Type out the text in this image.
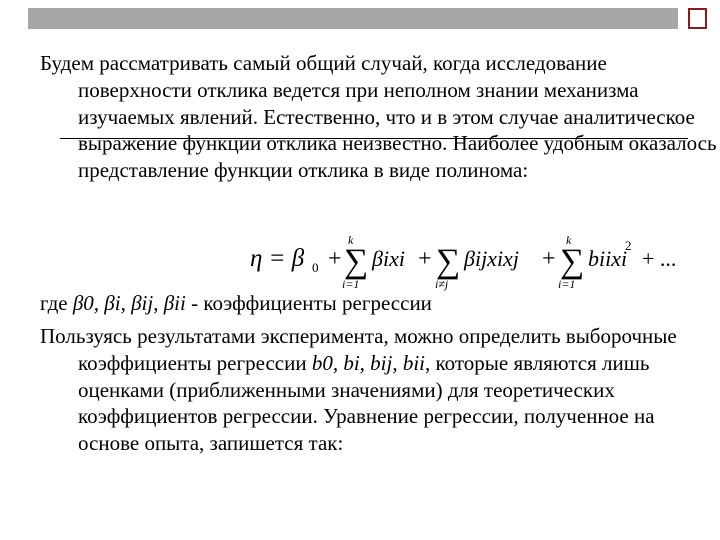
Будем рассматривать самый общий случай, когда исследование поверхности отклика ведется при неполном знании механизма изучаемых явлений. Естественно, что и в этом случае аналитическое выражение функции отклика неизвестно. Наиболее удобным оказалось представление функции отклика в виде полинома:

η = β 0 +
k
∑
i=1
βixi + ∑
i≠j
βijxixj +
k
∑
i=1
biixi
2
+ ...

где β0, βi, βij, βii - коэффициенты регрессии

Пользуясь результатами эксперимента, можно определить выборочные коэффициенты регрессии b0, bi, bij, bii, которые являются лишь оценками (приближенными значениями) для теоретических коэффициентов регрессии. Уравнение регрессии, полученное на основе опыта, запишется так:
